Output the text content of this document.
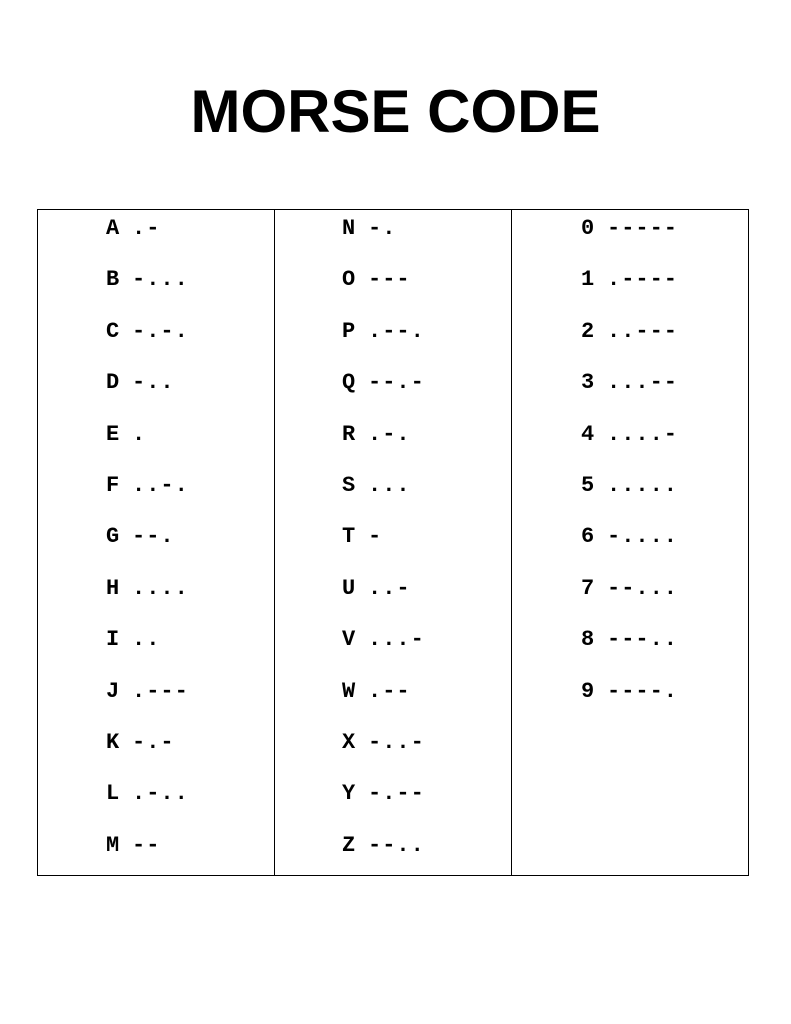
MORSE CODE
A .-
B -...
C -.-.
D -..
E .
F ..-.
G --.
H ....
I ..
J .---
K -.-
L .-..
M --
N -.
O ---
P .--.
Q --.-
R .-.
S ...
T -
U ..-
V ...-
W .--
X -..-
Y -.--
Z --..
0 -----
1 .----
2 ..---
3 ...--
4 ....-
5 .....
6 -....
7 --...
8 ---..
9 ----.
